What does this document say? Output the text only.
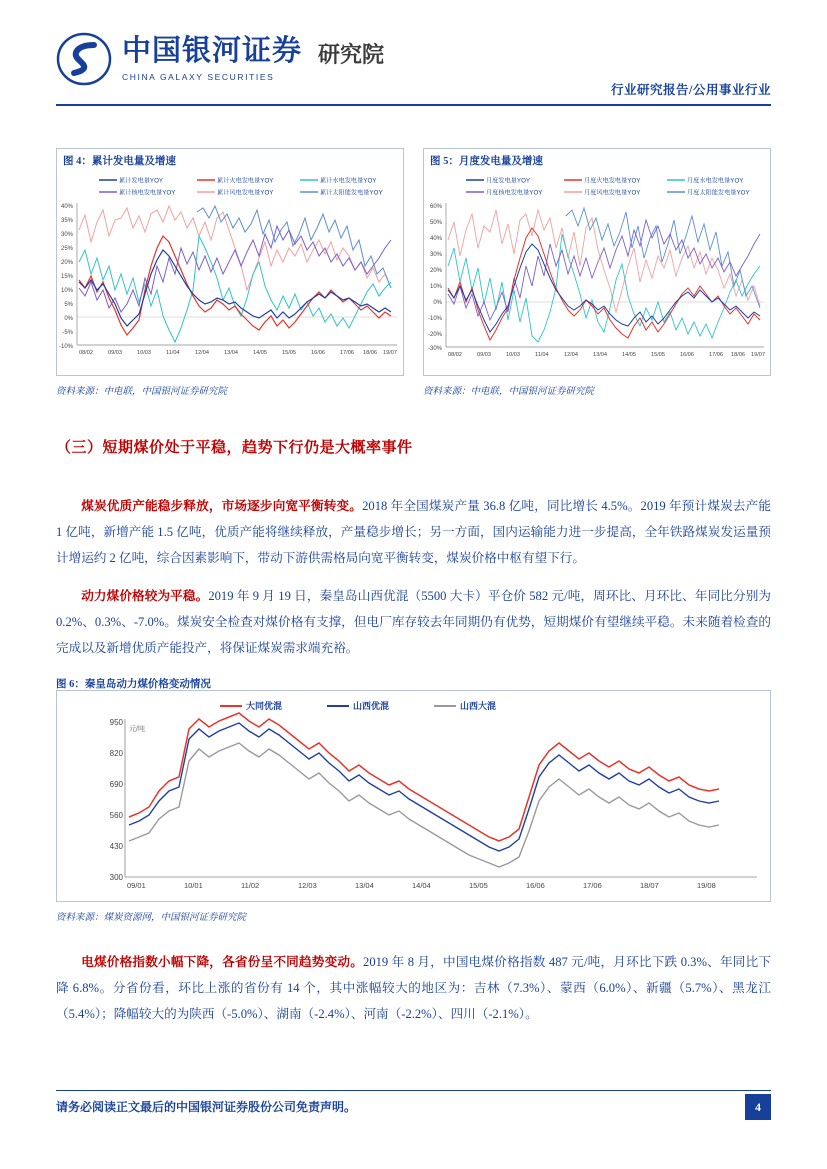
中国银河证券
CHINA GALAXY SECURITIES
研究院
行业研究报告/公用事业行业
图 4：累计发电量及增速
累计发电量YOY	累计火电发电量YOY	累计水电发电量YOY
累计核电发电量YOY	累计风电发电量YOY	累计太阳能发电量YOY
40%
35%
30%
25%
20%
15%
10%
5%
0%
-5%
-10%
08/02	09/03	10/03	11/04	12/04	13/04	14/05	15/05	16/06	17/06 18/06 19/07
图 5：月度发电量及增速
月度发电量YOY	月度火电发电量YOY	月度水电发电量YOY
月度核电发电量YOY	月度风电发电量YOY	月度太阳能发电量YOY
60%
50%
40%
30%
20%
10%
0%
-10%
-20%
-30%
08/02	09/03	10/03	11/04	12/04	13/04	14/05	15/05	16/06	17/06 18/06 19/07
资料来源：中电联，中国银河证券研究院	资料来源：中电联，中国银河证券研究院
（三）短期煤价处于平稳，趋势下行仍是大概率事件

煤炭优质产能稳步释放，市场逐步向宽平衡转变。2018 年全国煤炭产量 36.8 亿吨，同比增长 4.5%。2019 年预计煤炭去产能 1 亿吨，新增产能 1.5 亿吨，优质产能将继续释放，产量稳步增长；另一方面，国内运输能力进一步提高，全年铁路煤炭发运量预计增运约 2 亿吨，综合因素影响下，带动下游供需格局向宽平衡转变，煤炭价格中枢有望下行。

动力煤价格较为平稳。2019 年 9 月 19 日，秦皇岛山西优混（5500 大卡）平仓价 582 元/吨，周环比、月环比、年同比分别为 0.2%、0.3%、-7.0%。煤炭安全检查对煤价格有支撑，但电厂库存较去年同期仍有优势，短期煤价有望继续平稳。未来随着检查的完成以及新增优质产能投产，将保证煤炭需求端充裕。

图 6：秦皇岛动力煤价格变动情况
大同优混	山西优混	山西大混
950
820
690
560
430
300
元/吨
09/01	10/01	11/02	12/03	13/04	14/04	15/05	16/06	17/06	18/07	19/08
资料来源：煤炭资源网，中国银河证券研究院

电煤价格指数小幅下降，各省份呈不同趋势变动。2019 年 8 月，中国电煤价格指数 487 元/吨，月环比下跌 0.3%、年同比下降 6.8%。分省份看，环比上涨的省份有 14 个，其中涨幅较大的地区为：吉林（7.3%）、蒙西（6.0%）、新疆（5.7%）、黑龙江（5.4%）；降幅较大的为陕西（-5.0%）、湖南（-2.4%）、河南（-2.2%）、四川（-2.1%）。

请务必阅读正文最后的中国银河证券股份公司免责声明。	4
